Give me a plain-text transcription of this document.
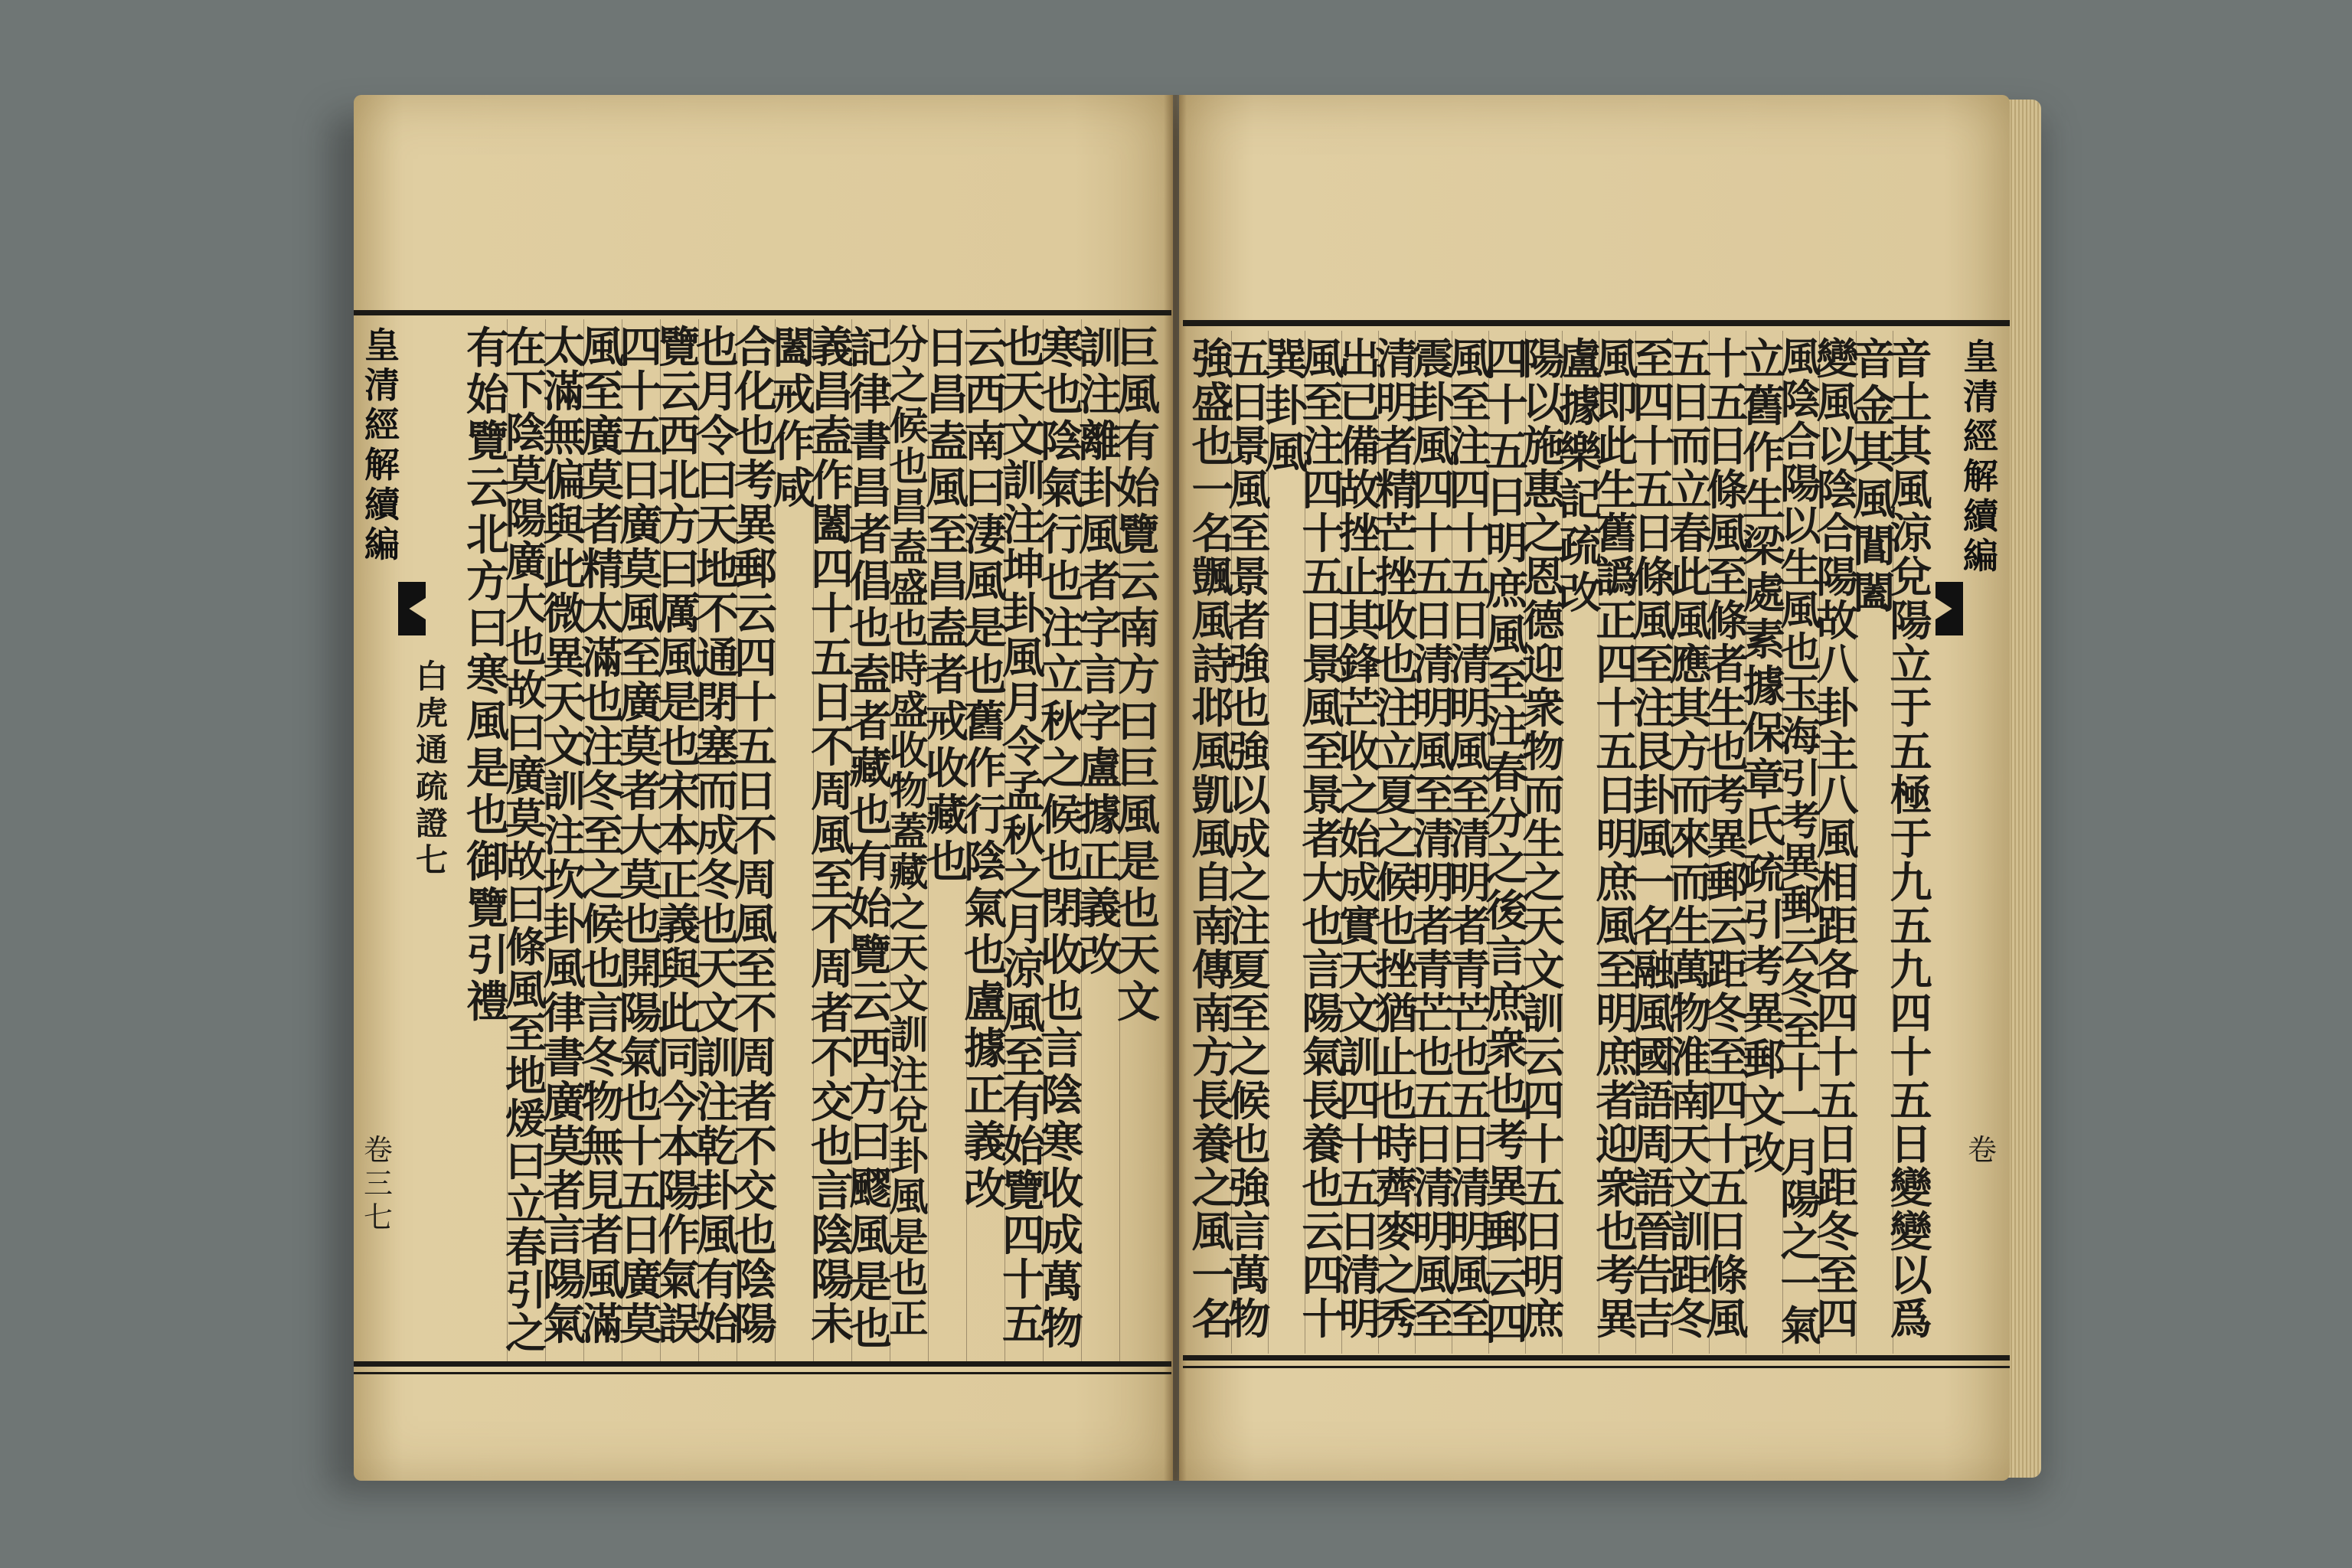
皇
清
經
解
續
編
白
虎
通
疏
證
七
卷
三
七
皇
清
經
解
續
編
卷
巨
風
有
始
覽
云
南
方
曰
巨
風
是
也
天
文
訓
注
離
卦
風
者
字
言
字
盧
據
正
義
改
寒
也
陰
氣
行
也
注
立
秋
之
候
也
閉
收
也
言
陰
寒
收
成
萬
物
也
天
文
訓
注
坤
卦
風
月
令
孟
秋
之
月
涼
風
至
有
始
覽
四
十
五
云
西
南
曰
淒
風
是
也
舊
作
行
陰
氣
也
盧
據
正
義
改
日
昌
盍
風
至
昌
盍
者
戒
收
藏
也
分
之
候
也
昌
盍
盛
也
時
盛
收
物
蓋
藏
之
天
文
訓
注
兌
卦
風
是
也
正
記
律
書
昌
者
倡
也
盍
者
藏
也
有
始
覽
云
西
方
曰
飂
風
是
也
義
昌
盍
作
闔
四
十
五
日
不
周
風
至
不
周
者
不
交
也
言
陰
陽
未
闔
戒
作
咸
合
化
也
考
異
郵
云
四
十
五
日
不
周
風
至
不
周
者
不
交
也
陰
陽
也
月
令
曰
天
地
不
通
閉
塞
而
成
冬
也
天
文
訓
注
乾
卦
風
有
始
覽
云
西
北
方
曰
厲
風
是
也
宋
本
正
義
與
此
同
今
本
陽
作
氣
誤
四
十
五
日
廣
莫
風
至
廣
莫
者
大
莫
也
開
陽
氣
也
十
五
日
廣
莫
風
至
廣
莫
者
精
太
滿
也
注
冬
至
之
候
也
言
冬
物
無
見
者
風
滿
太
滿
無
偏
與
此
微
異
天
文
訓
注
坎
卦
風
律
書
廣
莫
者
言
陽
氣
在
下
陰
莫
陽
廣
大
也
故
曰
廣
莫
故
曰
條
風
至
地
煖
曰
立
春
引
之
有
始
覽
云
北
方
曰
寒
風
是
也
御
覽
引
禮
音
土
其
風
涼
兌
陽
立
于
五
極
于
九
五
九
四
十
五
日
變
變
以
爲
音
金
其
風
閶
闔
變
風
以
陰
合
陽
故
八
卦
主
八
風
相
距
各
四
十
五
日
距
冬
至
四
風
陰
合
陽
以
生
風
也
玉
海
引
考
異
郵
云
冬
至
十
一
月
陽
之
一
氣
立
舊
作
生
梁
處
素
據
保
章
氏
疏
引
考
異
郵
文
改
十
五
日
條
風
至
條
者
生
也
考
異
郵
云
距
冬
至
四
十
五
日
條
風
五
日
而
立
春
此
風
應
其
方
而
來
而
生
萬
物
淮
南
天
文
訓
距
冬
至
四
十
五
日
條
風
至
注
艮
卦
風
一
名
融
風
國
語
周
語
晉
告
吉
風
即
此
生
舊
譌
正
四
十
五
日
明
庶
風
至
明
庶
者
迎
衆
也
考
異
盧
據
樂
記
疏
改
陽
以
施
惠
之
恩
德
迎
衆
物
而
生
之
天
文
訓
云
四
十
五
日
明
庶
四
十
五
日
明
庶
風
至
注
春
分
之
後
言
庶
衆
也
考
異
郵
云
四
風
至
注
四
十
五
日
清
明
風
至
清
明
者
青
芒
也
五
日
清
明
風
至
震
卦
風
四
十
五
日
清
明
風
至
清
明
者
青
芒
也
五
日
清
明
風
至
清
明
者
精
芒
挫
收
也
注
立
夏
之
候
也
挫
猶
止
也
時
薺
麥
之
秀
出
已
備
故
挫
止
其
鋒
芒
收
之
始
成
實
天
文
訓
四
十
五
日
清
明
風
至
注
四
十
五
日
景
風
至
景
者
大
也
言
陽
氣
長
養
也
云
四
十
巽
卦
風
五
日
景
風
至
景
者
強
也
強
以
成
之
注
夏
至
之
候
也
強
言
萬
物
強
盛
也
一
名
颽
風
詩
邶
風
凱
風
自
南
傳
南
方
長
養
之
風
一
名
